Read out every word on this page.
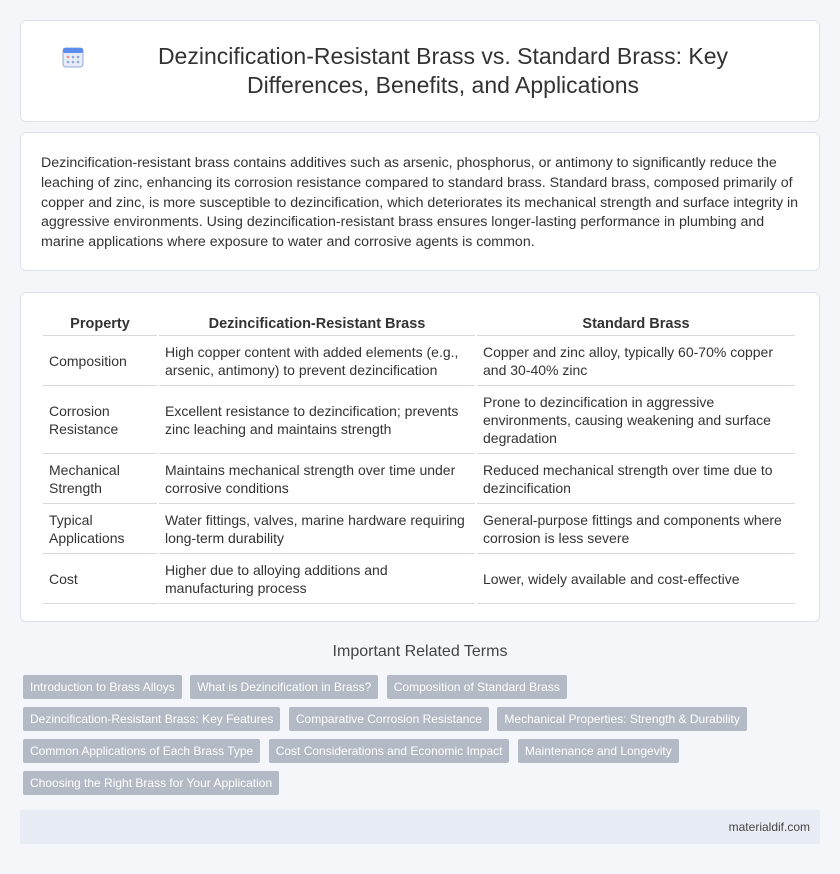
Dezincification-Resistant Brass vs. Standard Brass: Key Differences, Benefits, and Applications

Dezincification-resistant brass contains additives such as arsenic, phosphorus, or antimony to significantly reduce the leaching of zinc, enhancing its corrosion resistance compared to standard brass. Standard brass, composed primarily of copper and zinc, is more susceptible to dezincification, which deteriorates its mechanical strength and surface integrity in aggressive environments. Using dezincification-resistant brass ensures longer-lasting performance in plumbing and marine applications where exposure to water and corrosive agents is common.

Property	Dezincification-Resistant Brass	Standard Brass
Composition	High copper content with added elements (e.g., arsenic, antimony) to prevent dezincification	Copper and zinc alloy, typically 60-70% copper and 30-40% zinc
Corrosion Resistance	Excellent resistance to dezincification; prevents zinc leaching and maintains strength	Prone to dezincification in aggressive environments, causing weakening and surface degradation
Mechanical Strength	Maintains mechanical strength over time under corrosive conditions	Reduced mechanical strength over time due to dezincification
Typical Applications	Water fittings, valves, marine hardware requiring long-term durability	General-purpose fittings and components where corrosion is less severe
Cost	Higher due to alloying additions and manufacturing process	Lower, widely available and cost-effective
Important Related Terms
Introduction to Brass Alloys What is Dezincification in Brass? Composition of Standard Brass
Dezincification-Resistant Brass: Key Features Comparative Corrosion Resistance Mechanical Properties: Strength & Durability
Common Applications of Each Brass Type Cost Considerations and Economic Impact Maintenance and Longevity
Choosing the Right Brass for Your Application
materialdif.com
